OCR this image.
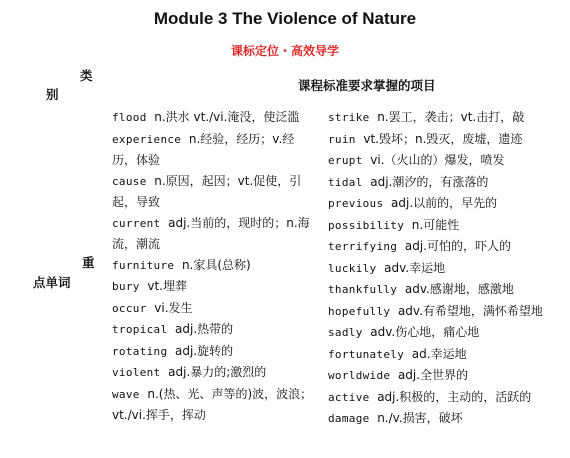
Module 3 The Violence of Nature
课标定位・高效导学
类
别
课程标准要求掌握的项目
重
点单词

flood n.洪水 vt./vi.淹没，使泛滥

experience n.经验，经历；v.经历，体验

cause n.原因，起因；vt.促使，引起，导致

current adj.当前的，现时的；n.海流，潮流

furniture n.家具(总称)

bury vt.埋葬

occur vi.发生

tropical adj.热带的

rotating adj.旋转的

violent adj.暴力的;激烈的

wave n.(热、光、声等的)波，波浪；vt./vi.挥手，挥动

strike n.罢工，袭击；vt.击打，敲

ruin vt.毁坏；n.毁灭，废墟，遗迹

erupt vi.（火山的）爆发，喷发

tidal adj.潮汐的，有涨落的

previous adj.以前的，早先的

possibility n.可能性

terrifying adj.可怕的，吓人的

luckily adv.幸运地

thankfully adv.感谢地，感激地

hopefully adv.有希望地，满怀希望地

sadly adv.伤心地，痛心地

fortunately ad.幸运地

worldwide adj.全世界的

active adj.积极的，主动的，活跃的

damage n./v.损害，破坏
